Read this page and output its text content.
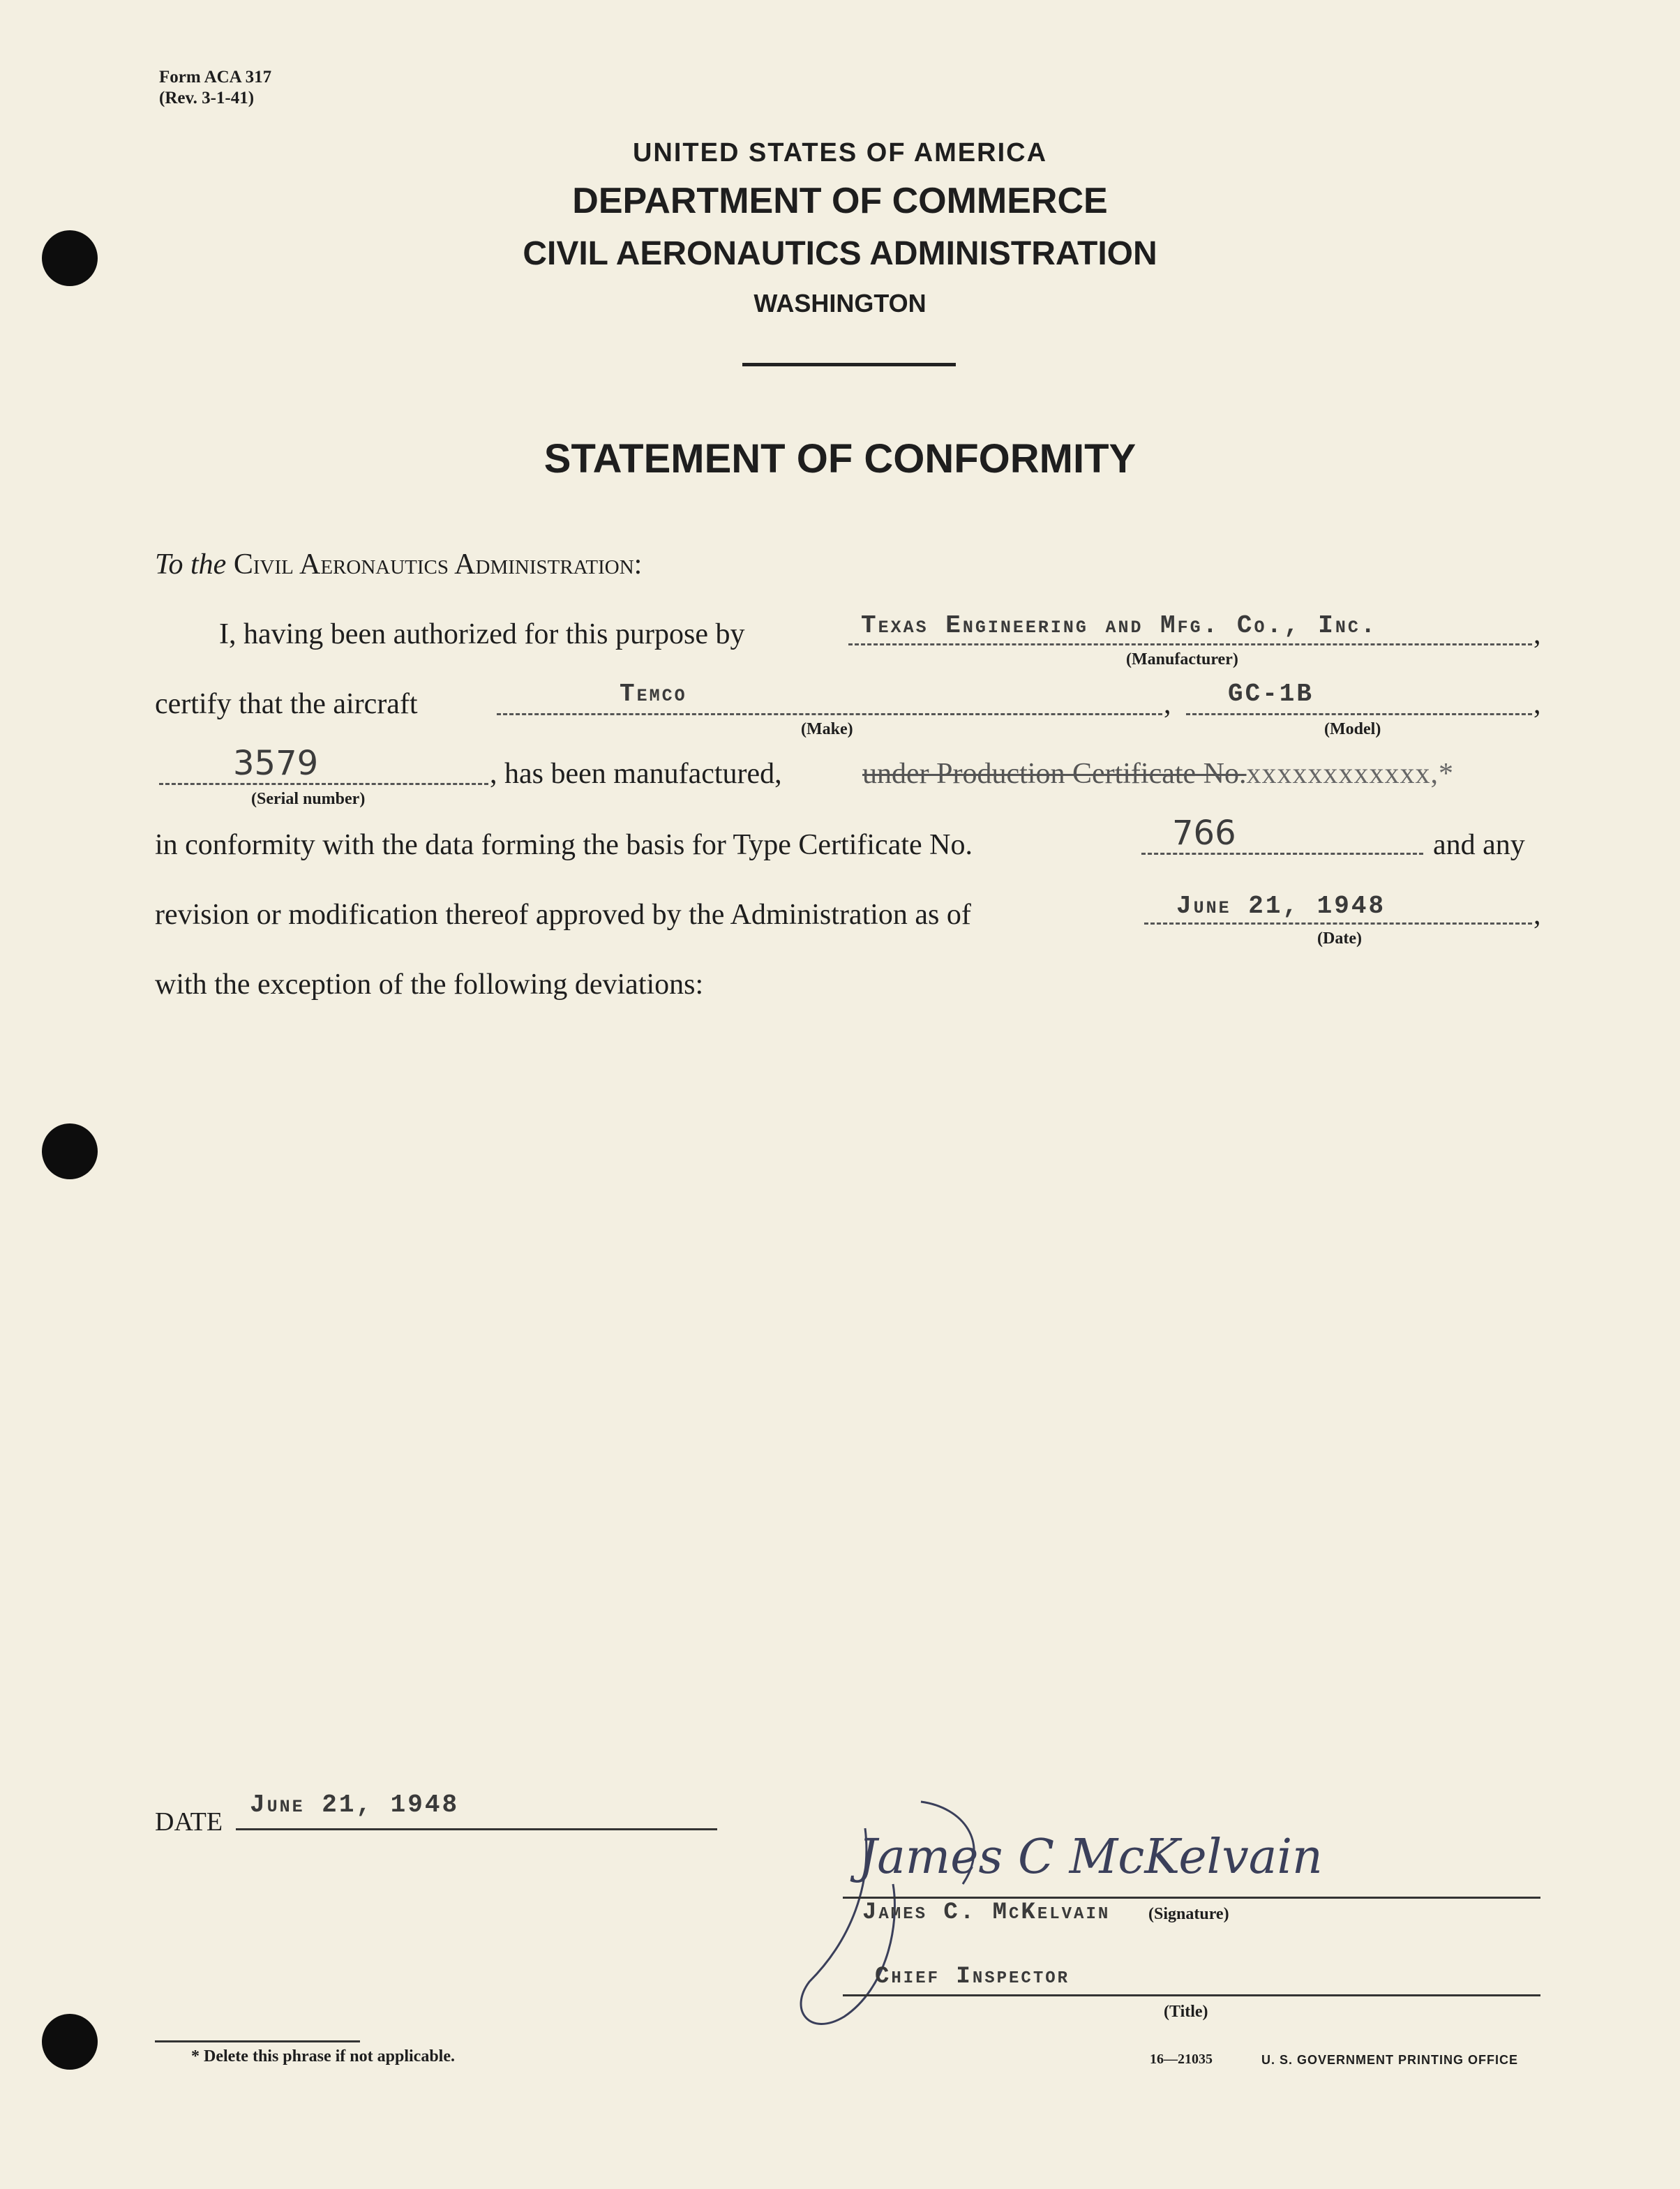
Form ACA 317
(Rev. 3-1-41)
UNITED STATES OF AMERICA
DEPARTMENT OF COMMERCE
CIVIL AERONAUTICS ADMINISTRATION
WASHINGTON
STATEMENT OF CONFORMITY
To the Civil Aeronautics Administration:
I, having been authorized for this purpose by	Texas Engineering and Mfg. Co., Inc.	,
(Manufacturer)
certify that the aircraft	Temco	, GC-1B	,
(Make)	(Model)
3579	, has been manufactured,	under Production Certificate No.xxxxxxxxxxxx,*
(Serial number)
in conformity with the data forming the basis for Type Certificate No.	766	and any
revision or modification thereof approved by the Administration as of	June 21, 1948	,
(Date)
with the exception of the following deviations:
DATE
June 21, 1948
James C McKelvain
James C. McKelvain (Signature)
Chief Inspector
(Title)
* Delete this phrase if not applicable.	16—21035	U. S. GOVERNMENT PRINTING OFFICE
